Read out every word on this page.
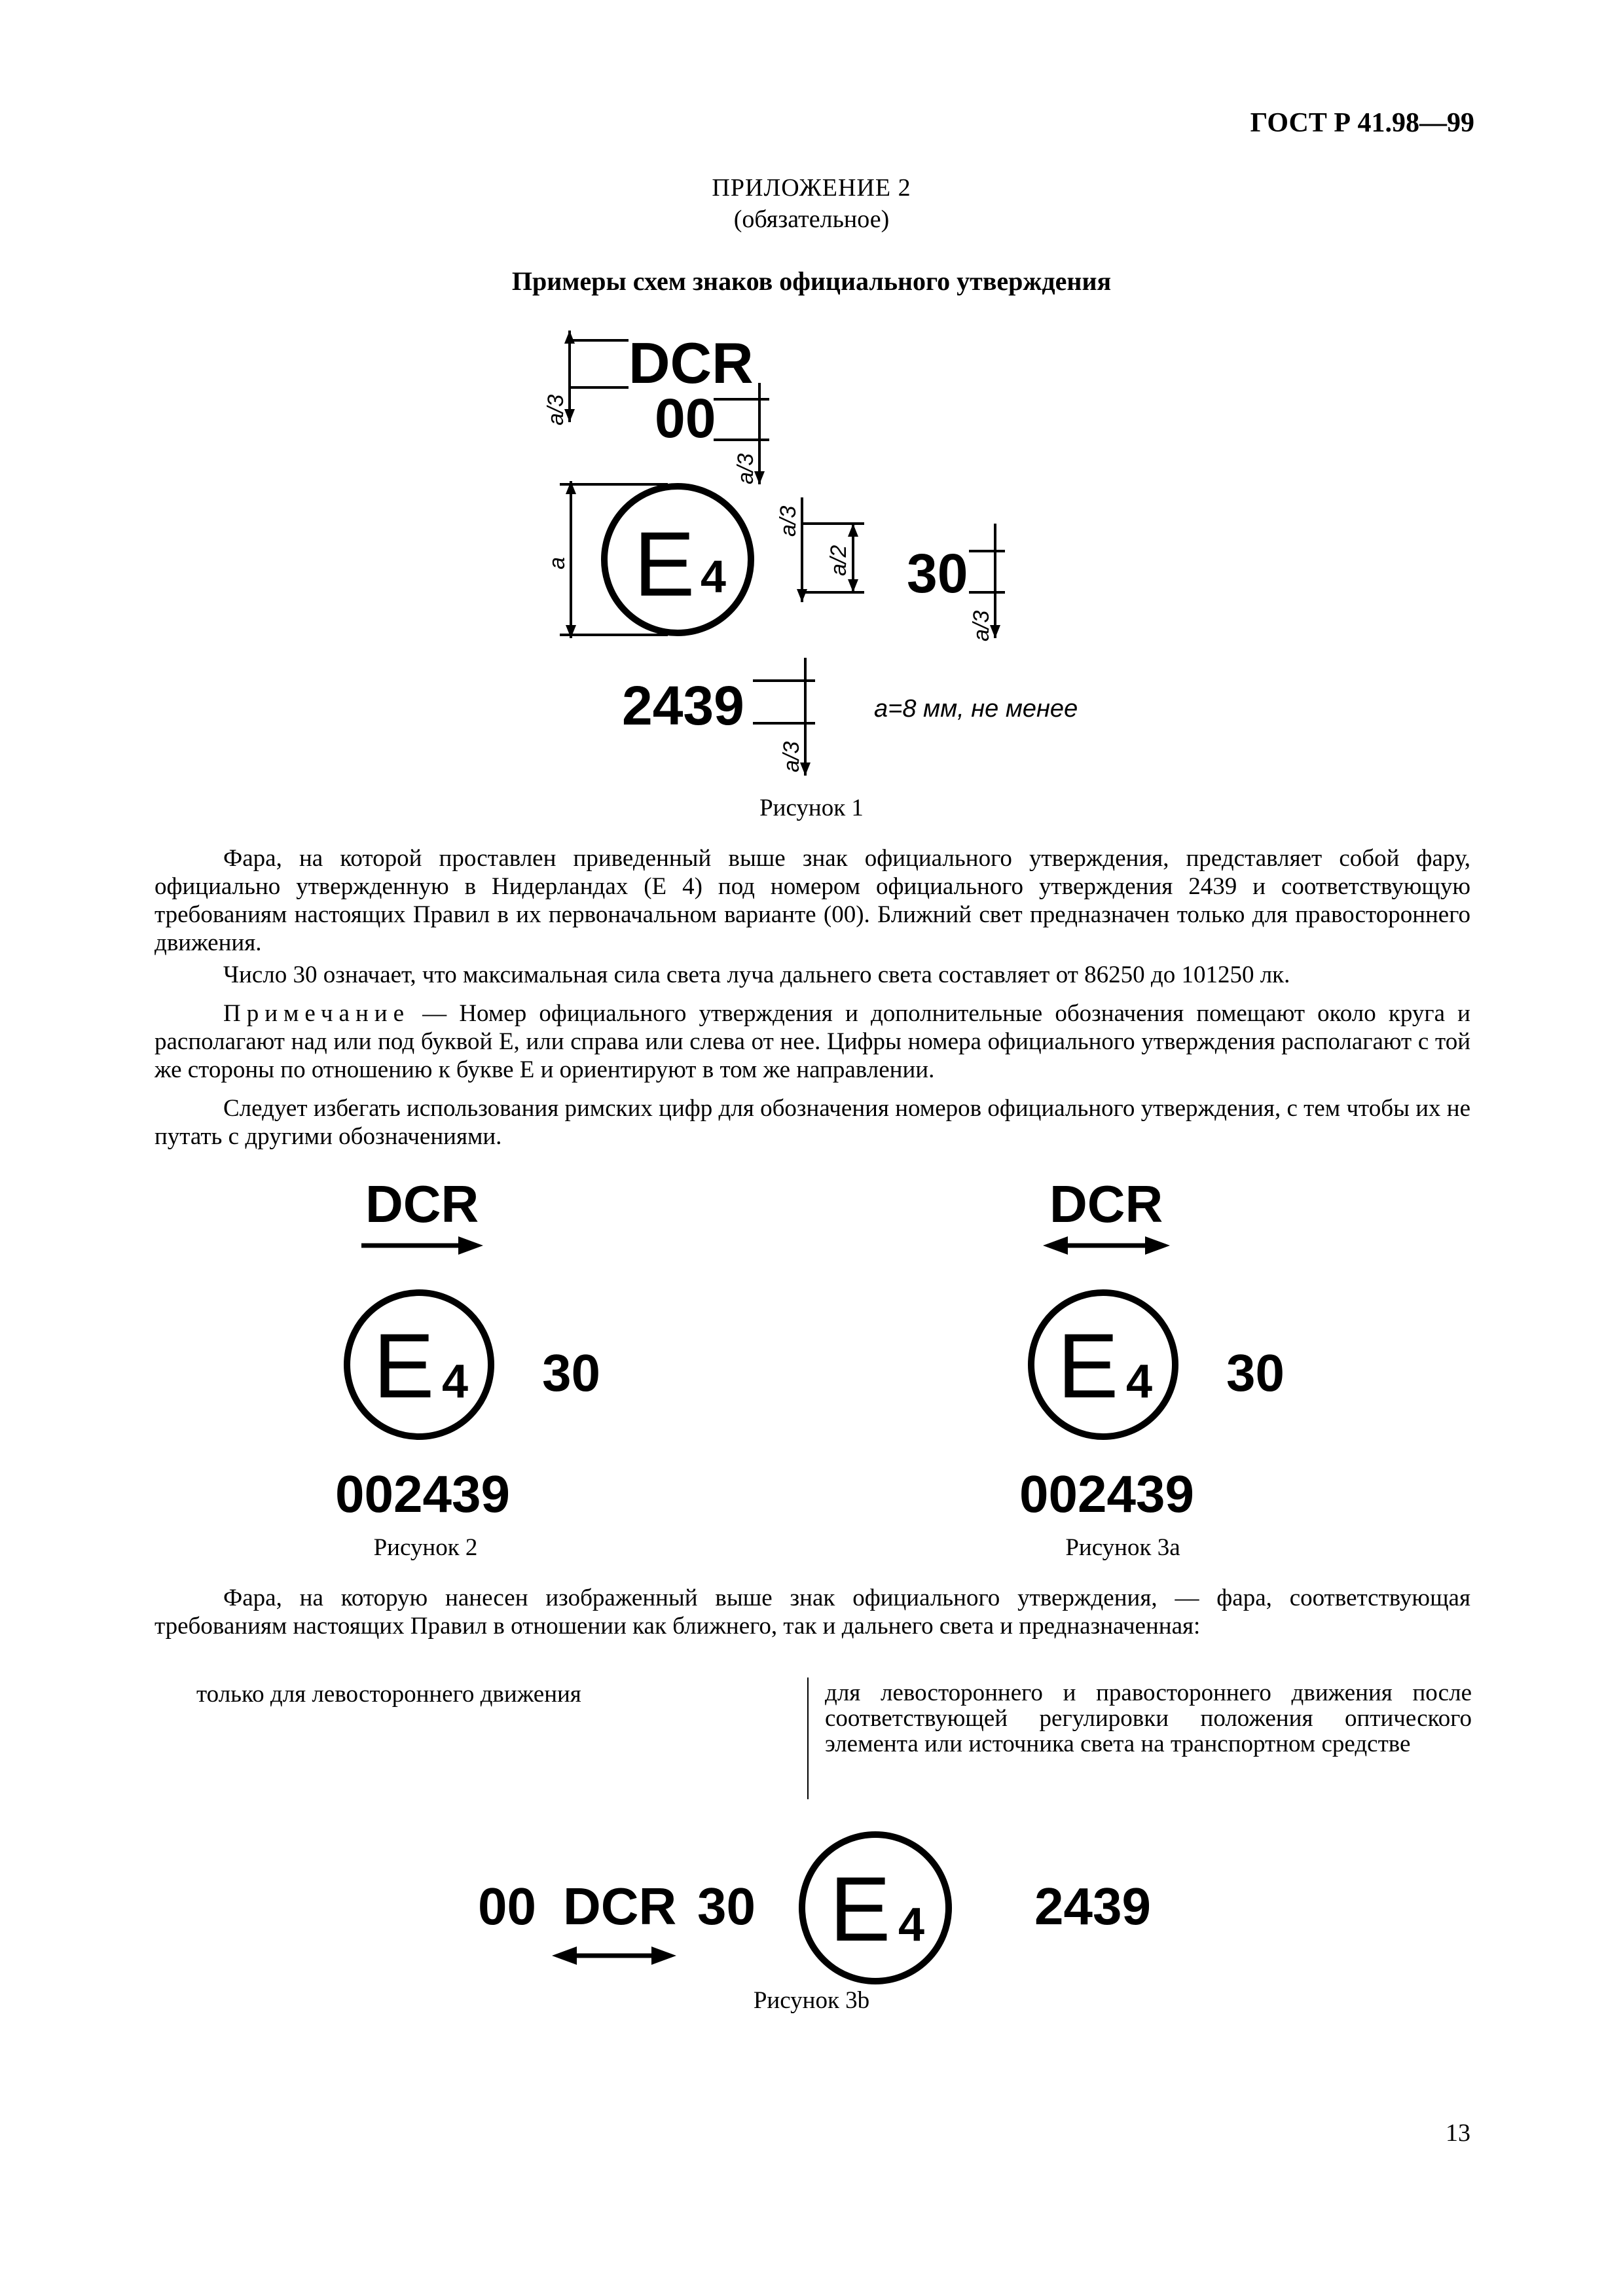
ГОСТ Р 41.98—99
ПРИЛОЖЕНИЕ 2
(обязательное)
Примеры схем знаков официального утверждения
DCR
00
E 4	30
2439	a=8 мм, не менее
a/3
a/3
a
a/3
a/2
a/3
a/3
Рисунок 1

Фара, на которой проставлен приведенный выше знак официального утверждения, представляет собой фару, официально утвержденную в Нидерландах (Е 4) под номером официального утверждения 2439 и соответствующую требованиям настоящих Правил в их первоначальном варианте (00). Ближний свет предназначен только для правостороннего движения.

Число 30 означает, что максимальная сила света луча дальнего света составляет от 86250 до 101250 лк.

Примечание — Номер официального утверждения и дополнительные обозначения помещают около круга и располагают над или под буквой Е, или справа или слева от нее. Цифры номера официального утверждения располагают с той же стороны по отношению к букве Е и ориентируют в том же направлении.

Следует избегать использования римских цифр для обозначения номеров официального утверждения, с тем чтобы их не путать с другими обозначениями.

DCR
E 4 30
002439
Рисунок 2
DCR
E 4 30
002439
Рисунок 3a

Фара, на которую нанесен изображенный выше знак официального утверждения, — фара, соответствующая требованиям настоящих Правил в отношении как ближнего, так и дальнего света и предназначенная:

только для левостороннего движения	для левостороннего и правостороннего движения после соответствующей регулировки положения оптического элемента или источника света на транспортном средстве
00 DCR 30 E 4 2439
Рисунок 3b
13
